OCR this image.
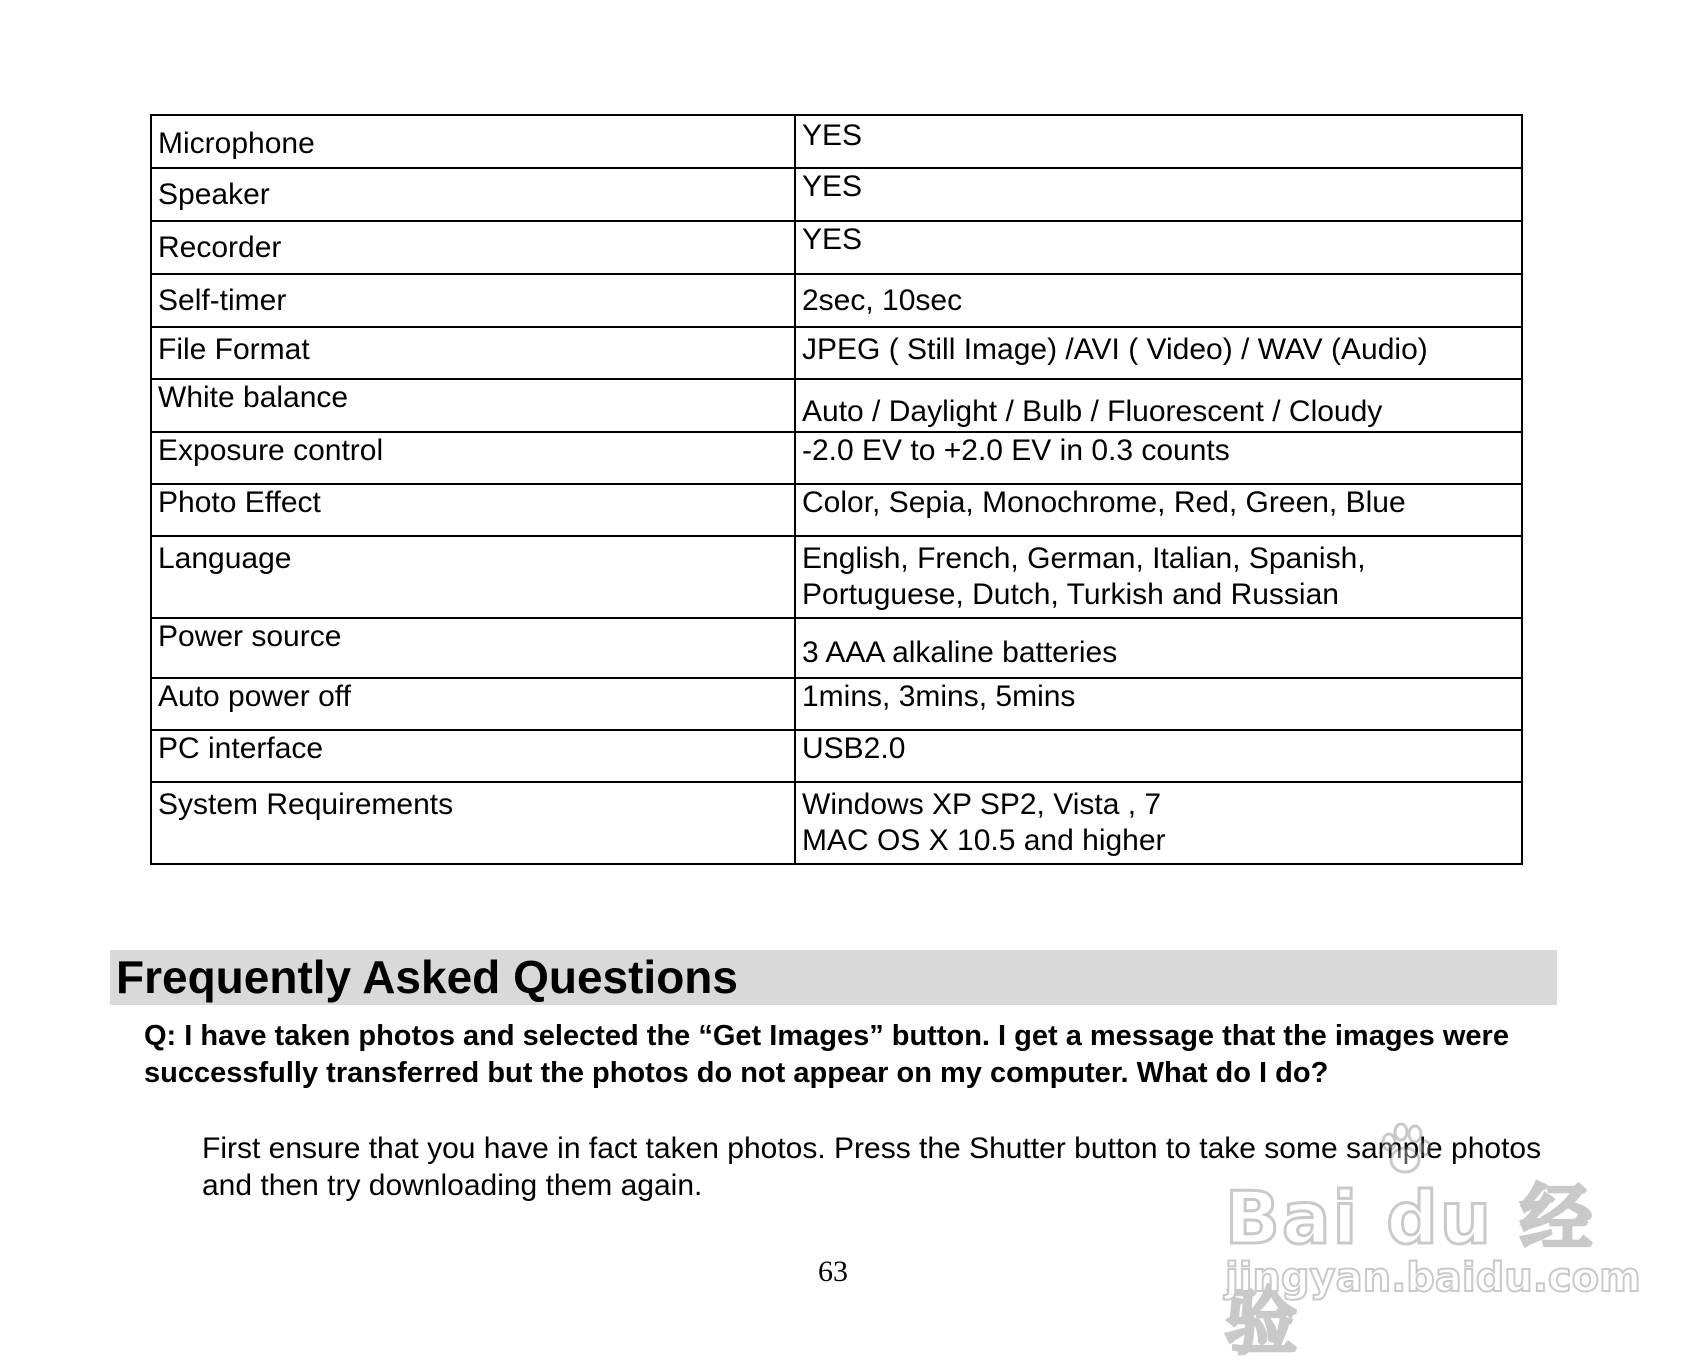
Microphone	YES
Speaker	YES
Recorder	YES
Self-timer	2sec, 10sec
File Format	JPEG ( Still Image) /AVI ( Video) / WAV (Audio)
White balance	Auto / Daylight / Bulb / Fluorescent / Cloudy
Exposure control	-2.0 EV to +2.0 EV in 0.3 counts
Photo Effect	Color, Sepia, Monochrome, Red, Green, Blue
Language	English, French, German, Italian, Spanish,
Portuguese, Dutch, Turkish and Russian
Power source	3 AAA alkaline batteries
Auto power off	1mins, 3mins, 5mins
PC interface	USB2.0
System Requirements	Windows XP SP2, Vista , 7
MAC OS X 10.5 and higher
Frequently Asked Questions
Q: I have taken photos and selected the “Get Images” button. I get a message that the images were successfully transferred but the photos do not appear on my computer. What do I do?
First ensure that you have in fact taken photos. Press the Shutter button to take some sample photos and then try downloading them again.
63
Bai du 经验
jingyan.baidu.com
